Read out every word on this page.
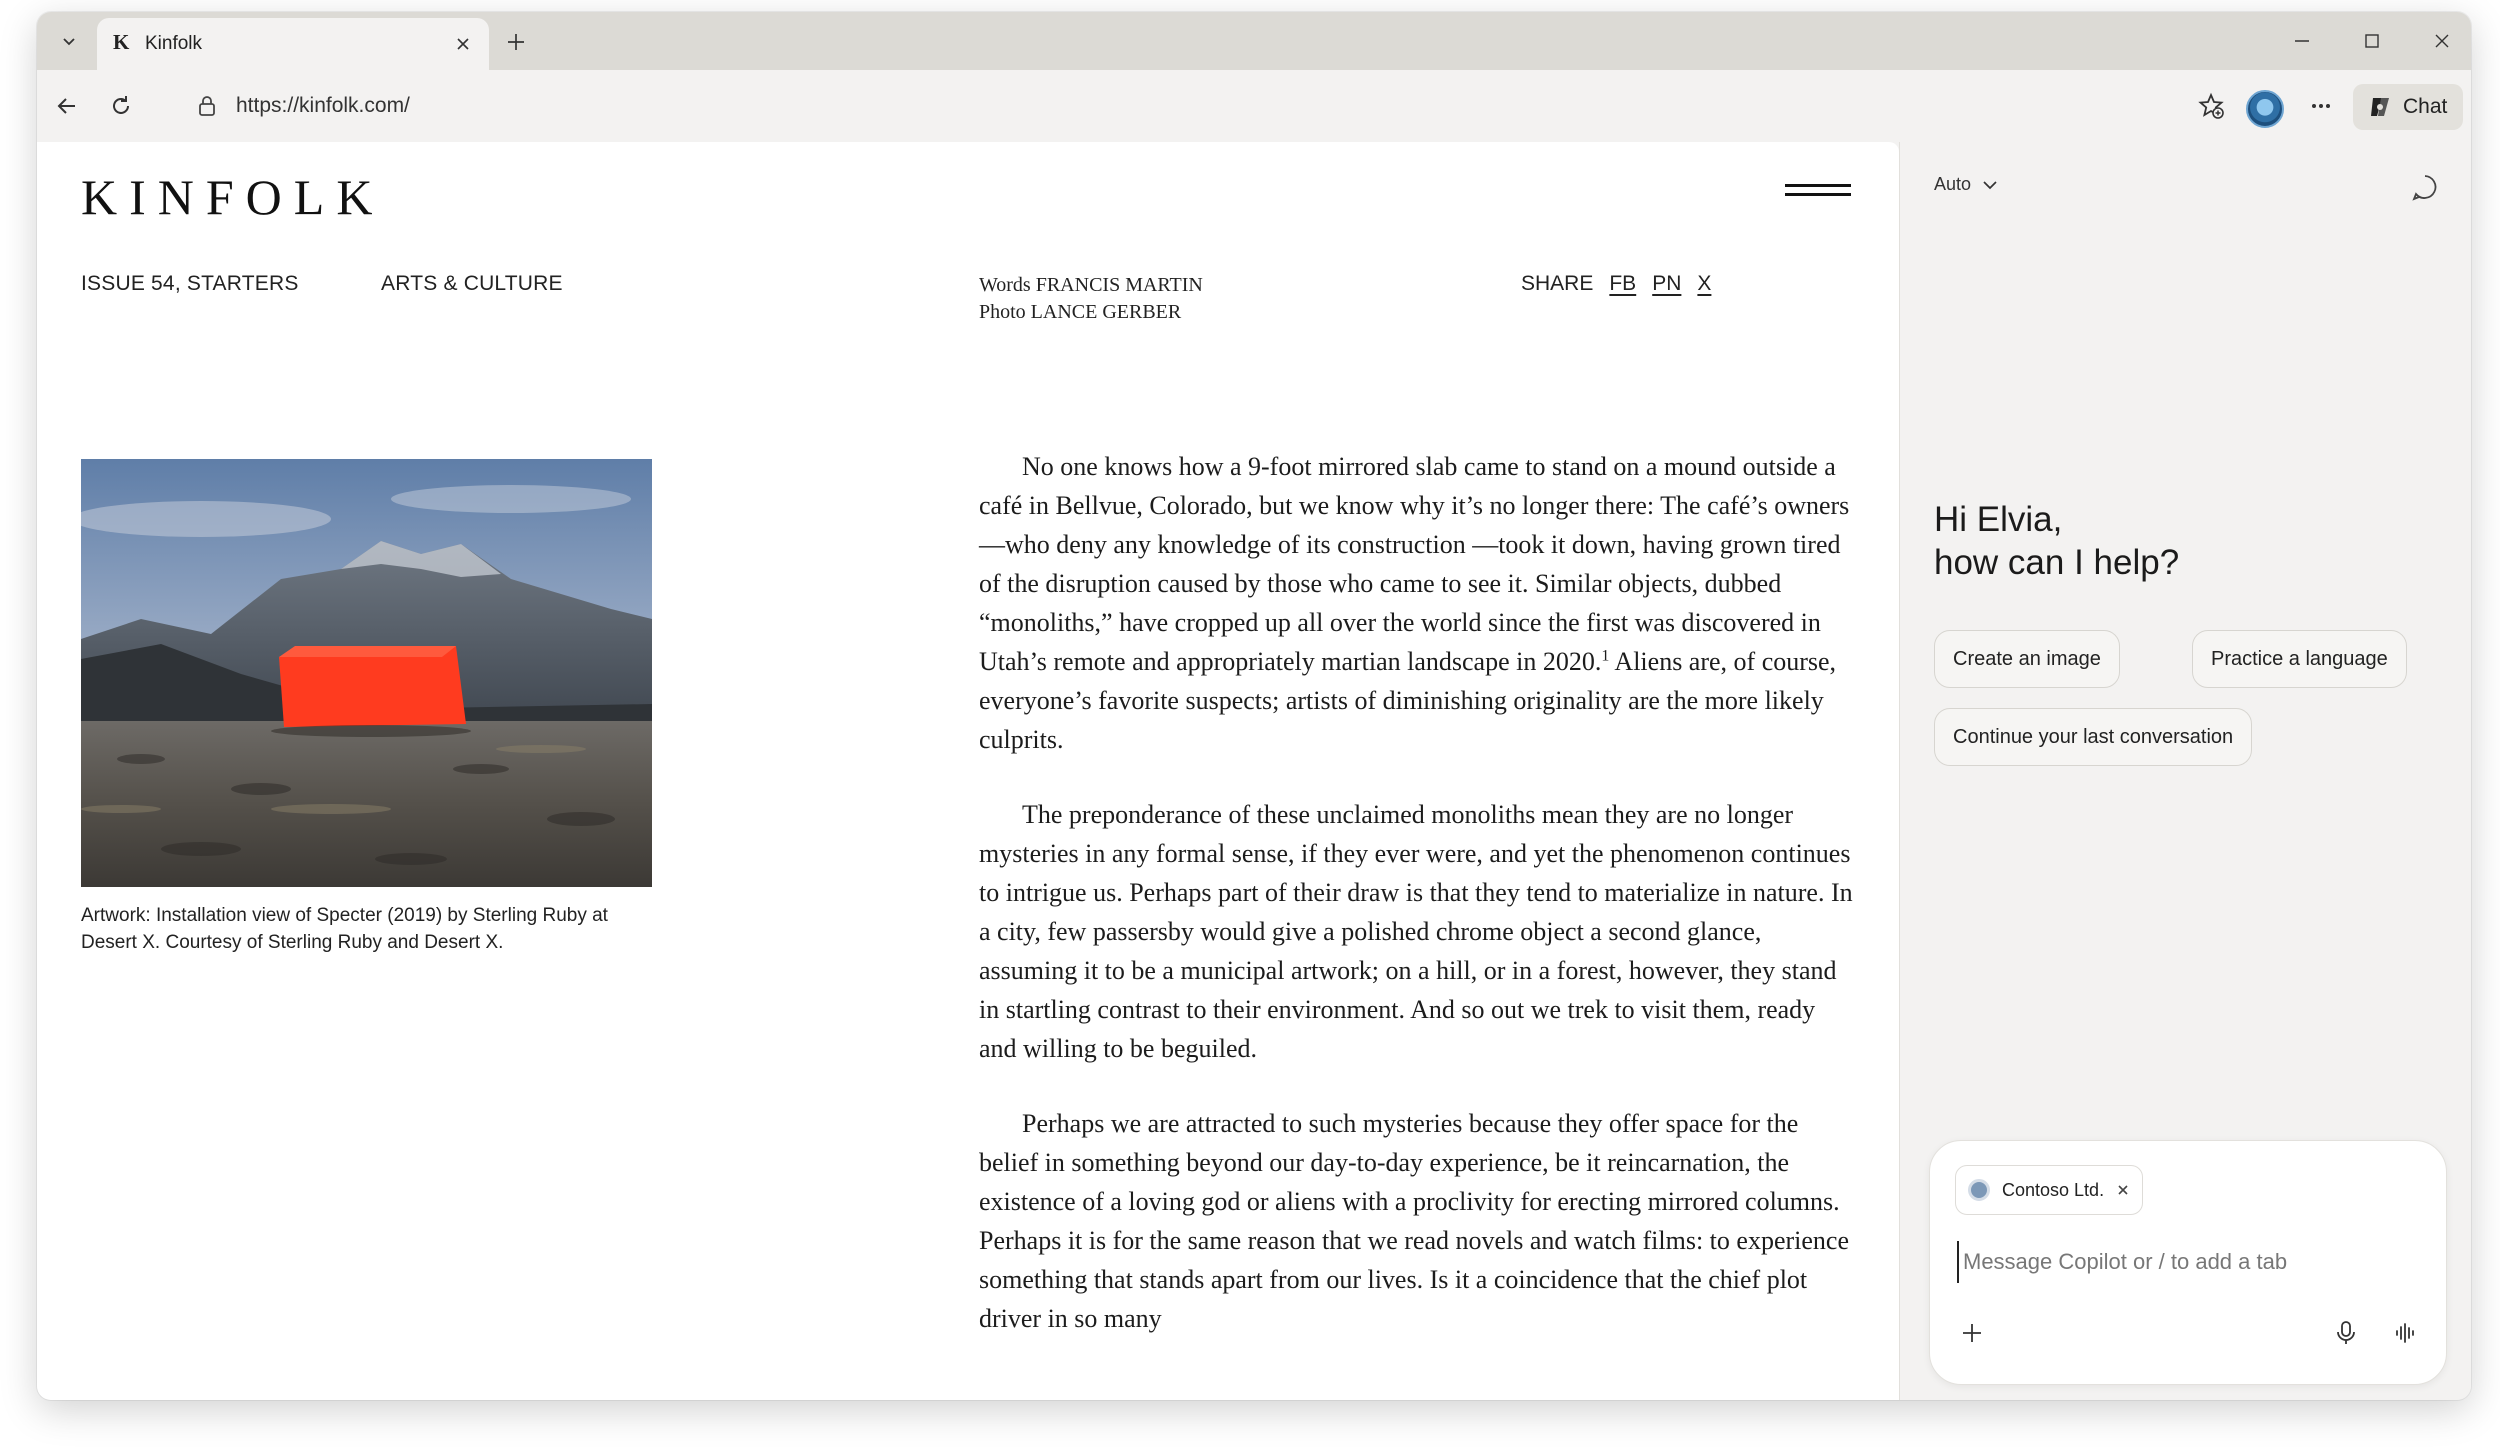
K Kinfolk
https://kinfolk.com/	Chat
KINFOLK
ISSUE 54, STARTERS	ARTS & CULTURE	Words FRANCIS MARTIN
Photo LANCE GERBER
SHARE FB PN X
Artwork: Installation view of Specter (2019) by Sterling Ruby at Desert X. Courtesy of Sterling Ruby and Desert X.

No one knows how a 9-foot mirrored slab came to stand on a mound outside a café in Bellvue, Colorado, but we know why it’s no longer there: The café’s owners—who deny any knowledge of its construction —took it down, having grown tired of the disruption caused by those who came to see it. Similar objects, dubbed “monoliths,” have cropped up all over the world since the first was discovered in Utah’s remote and appropriately martian landscape in 2020.$^1$ Aliens are, of course, everyone’s favorite suspects; artists of diminishing originality are the more likely culprits.

The preponderance of these unclaimed monoliths mean they are no longer mysteries in any formal sense, if they ever were, and yet the phenomenon continues to intrigue us. Perhaps part of their draw is that they tend to materialize in nature. In a city, few passersby would give a polished chrome object a second glance, assuming it to be a municipal artwork; on a hill, or in a forest, however, they stand in startling contrast to their environment. And so out we trek to visit them, ready and willing to be beguiled.

Perhaps we are attracted to such mysteries because they offer space for the belief in something beyond our day-to-day experience, be it reincarnation, the existence of a loving god or aliens with a proclivity for erecting mirrored columns. Perhaps it is for the same reason that we read novels and watch films: to experience something that stands apart from our lives. Is it a coincidence that the chief plot driver in so many

Auto
Hi Elvia,
how can I help?
Create an image	Practice a language
Continue your last conversation
Contoso Ltd.
Message Copilot or / to add a tab
